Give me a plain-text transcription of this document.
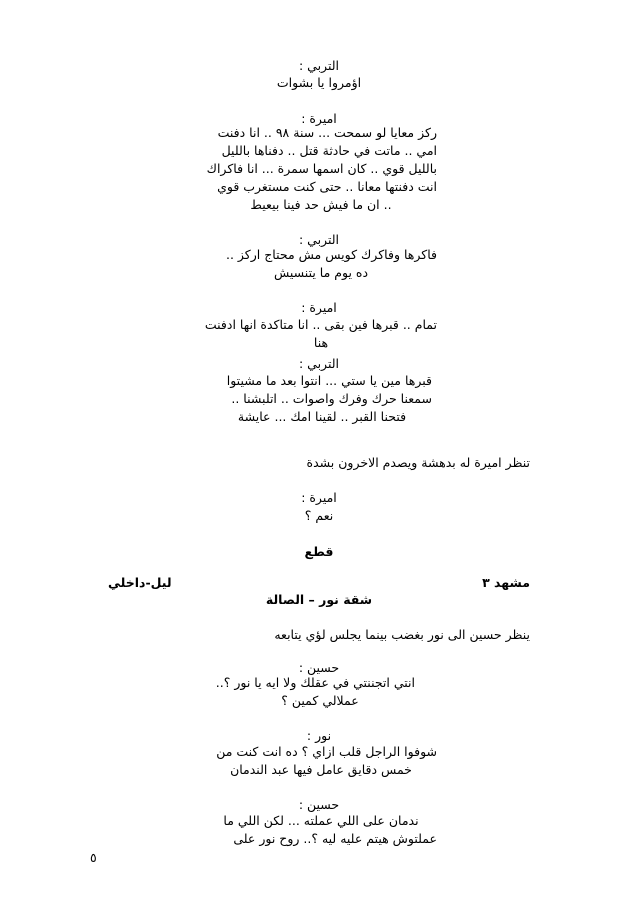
التربي :
اؤمروا يا بشوات
اميرة :
ركز معايا لو سمحت ... سنة ٩٨ .. انا دفنت
امي .. ماتت في حادثة قتل .. دفناها بالليل
بالليل قوي .. كان اسمها سمرة ... انا فاكراك
انت دفنتها معانا .. حتى كنت مستغرب قوي
.. ان ما فيش حد فينا بيعيط
التربي :
فاكرها وفاكرك كويس مش محتاج اركز ..
ده يوم ما يتنسيش
اميرة :
تمام .. قبرها فين بقى .. انا متاكدة انها ادفنت
هنا
التربي :
قبرها مين يا ستي ... انتوا بعد ما مشيتوا
سمعنا حرك وفرك واصوات .. اتلبشنا ..
فتحنا القبر .. لقينا امك ... عايشة
تنظر اميرة له بدهشة ويصدم الاخرون بشدة
اميرة :
نعم ؟
قطع
مشهد ٣
ليل-داخلي
شقة نور – الصالة
ينظر حسين الى نور بغضب بينما يجلس لؤي يتابعه
حسين :
انتي اتجننتي في عقلك ولا ايه يا نور ؟..
عملالي كمين ؟
نور :
شوفوا الراجل قلب ازاي ؟ ده انت كنت من
خمس دقايق عامل فيها عبد الندمان
حسين :
ندمان على اللي عملته ... لكن اللي ما
عملتوش هيتم عليه ليه ؟.. روح نور على
٥
